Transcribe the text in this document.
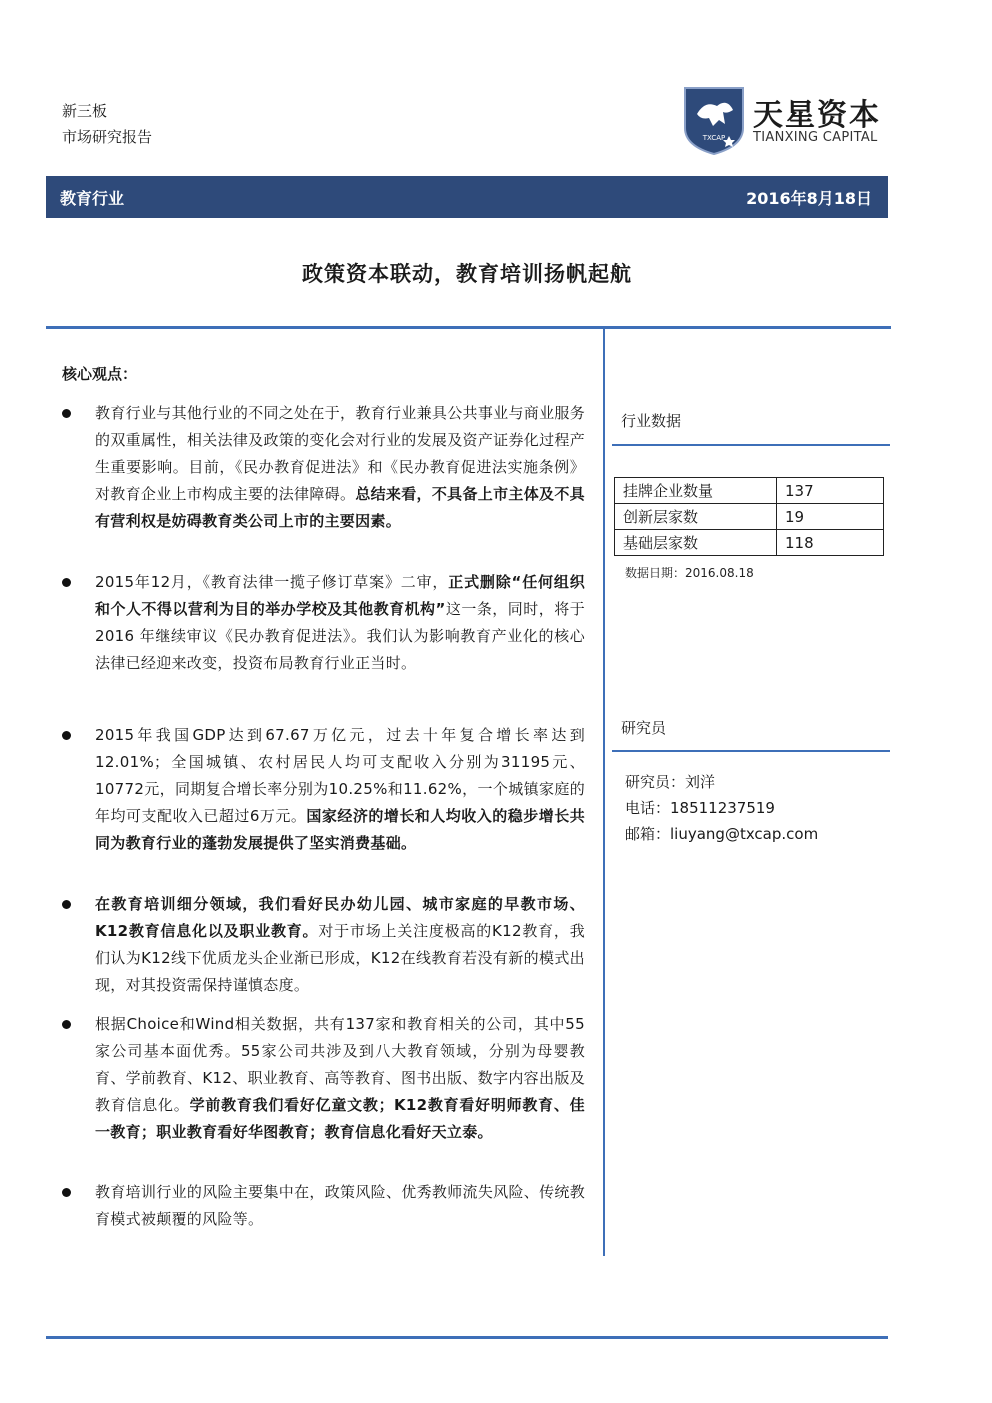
新三板
市场研究报告	TXCAP
天星资本
TIANXING CAPITAL
教育行业	2016年8月18日
政策资本联动，教育培训扬帆起航
核心观点：
教育行业与其他行业的不同之处在于，教育行业兼具公共事业与商业服务的双重属性，相关法律及政策的变化会对行业的发展及资产证券化过程产生重要影响。目前，《民办教育促进法》和《民办教育促进法实施条例》对教育企业上市构成主要的法律障碍。总结来看，不具备上市主体及不具有营利权是妨碍教育类公司上市的主要因素。
2015年12月，《教育法律一揽子修订草案》二审，正式删除“任何组织和个人不得以营利为目的举办学校及其他教育机构”这一条，同时，将于 2016 年继续审议《民办教育促进法》。我们认为影响教育产业化的核心法律已经迎来改变，投资布局教育行业正当时。
2015年我国GDP达到67.67万亿元，过去十年复合增长率达到12.01%；全国城镇、农村居民人均可支配收入分别为31195元、10772元，同期复合增长率分别为10.25%和11.62%，一个城镇家庭的年均可支配收入已超过6万元。国家经济的增长和人均收入的稳步增长共同为教育行业的蓬勃发展提供了坚实消费基础。
在教育培训细分领域，我们看好民办幼儿园、城市家庭的早教市场、K12教育信息化以及职业教育。对于市场上关注度极高的K12教育，我们认为K12线下优质龙头企业渐已形成，K12在线教育若没有新的模式出现，对其投资需保持谨慎态度。
根据Choice和Wind相关数据，共有137家和教育相关的公司，其中55家公司基本面优秀。55家公司共涉及到八大教育领域，分别为母婴教育、学前教育、K12、职业教育、高等教育、图书出版、数字内容出版及教育信息化。学前教育我们看好亿童文教；K12教育看好明师教育、佳一教育；职业教育看好华图教育；教育信息化看好天立泰。
教育培训行业的风险主要集中在，政策风险、优秀教师流失风险、传统教育模式被颠覆的风险等。
行业数据
挂牌企业数量	137
创新层家数	19
基础层家数	118
数据日期：2016.08.18
研究员
研究员：刘洋
电话：18511237519
邮箱：liuyang@txcap.com
